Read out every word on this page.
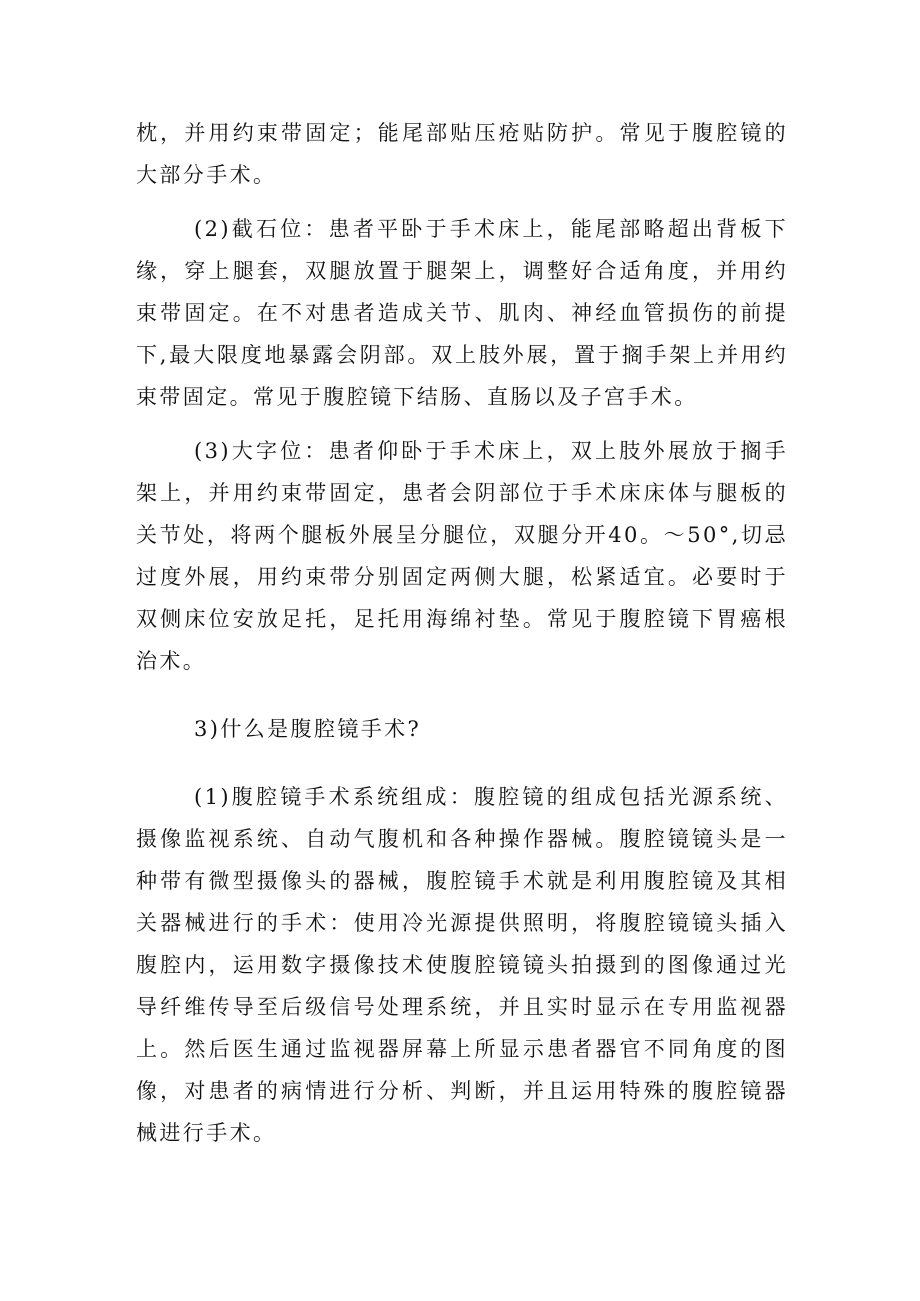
枕，并用约束带固定；能尾部贴压疮贴防护。常见于腹腔镜的大部分手术。

(2)截石位：患者平卧于手术床上，能尾部略超出背板下缘，穿上腿套，双腿放置于腿架上，调整好合适角度，并用约束带固定。在不对患者造成关节、肌肉、神经血管损伤的前提下,最大限度地暴露会阴部。双上肢外展，置于搁手架上并用约束带固定。常见于腹腔镜下结肠、直肠以及子宫手术。

(3)大字位：患者仰卧于手术床上，双上肢外展放于搁手架上，并用约束带固定，患者会阴部位于手术床床体与腿板的关节处，将两个腿板外展呈分腿位，双腿分开40。～50°,切忌过度外展，用约束带分别固定两侧大腿，松紧适宜。必要时于双侧床位安放足托，足托用海绵衬垫。常见于腹腔镜下胃癌根治术。

3)什么是腹腔镜手术?

(1)腹腔镜手术系统组成：腹腔镜的组成包括光源系统、摄像监视系统、自动气腹机和各种操作器械。腹腔镜镜头是一种带有微型摄像头的器械，腹腔镜手术就是利用腹腔镜及其相关器械进行的手术：使用冷光源提供照明，将腹腔镜镜头插入腹腔内，运用数字摄像技术使腹腔镜镜头拍摄到的图像通过光导纤维传导至后级信号处理系统，并且实时显示在专用监视器上。然后医生通过监视器屏幕上所显示患者器官不同角度的图像，对患者的病情进行分析、判断，并且运用特殊的腹腔镜器械进行手术。
